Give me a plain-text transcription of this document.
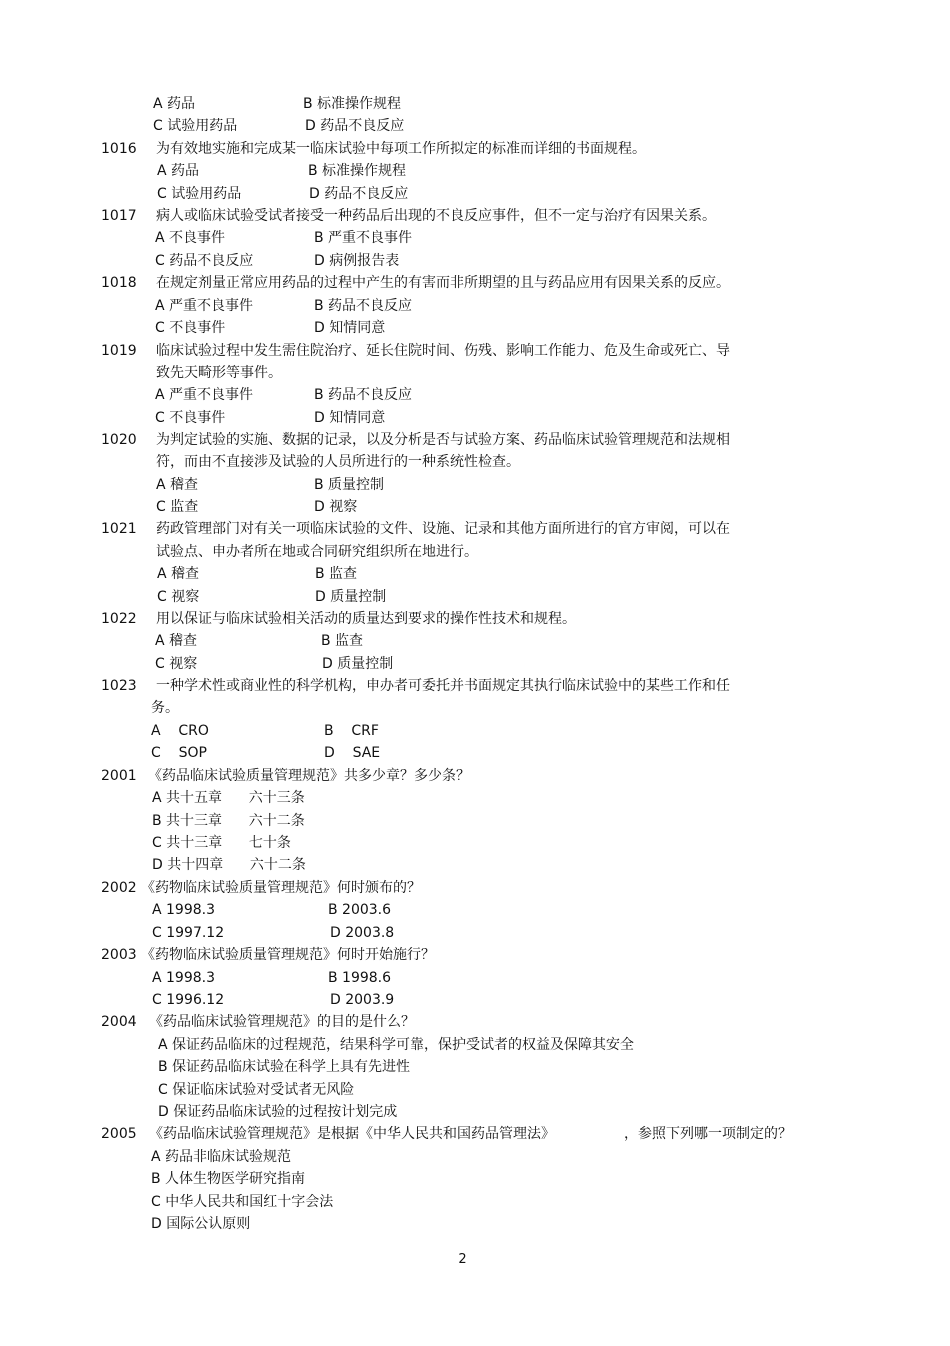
A 药品	B 标准操作规程
C 试验用药品	D 药品不良反应
1016 为有效地实施和完成某一临床试验中每项工作所拟定的标准而详细的书面规程。
A 药品	B 标准操作规程
C 试验用药品	D 药品不良反应
1017 病人或临床试验受试者接受一种药品后出现的不良反应事件，但不一定与治疗有因果关系。
A 不良事件	B 严重不良事件
C 药品不良反应	D 病例报告表
1018 在规定剂量正常应用药品的过程中产生的有害而非所期望的且与药品应用有因果关系的反应。
A 严重不良事件	B 药品不良反应
C 不良事件	D 知情同意
1019 临床试验过程中发生需住院治疗、延长住院时间、伤残、影响工作能力、危及生命或死亡、导
致先天畸形等事件。
A 严重不良事件	B 药品不良反应
C 不良事件	D 知情同意
1020 为判定试验的实施、数据的记录，以及分析是否与试验方案、药品临床试验管理规范和法规相
符，而由不直接涉及试验的人员所进行的一种系统性检查。
A 稽查	B 质量控制
C 监查	D 视察
1021 药政管理部门对有关一项临床试验的文件、设施、记录和其他方面所进行的官方审阅，可以在
试验点、申办者所在地或合同研究组织所在地进行。
A 稽查	B 监查
C 视察	D 质量控制
1022 用以保证与临床试验相关活动的质量达到要求的操作性技术和规程。
A 稽查	B 监查
C 视察	D 质量控制
1023 一种学术性或商业性的科学机构，申办者可委托并书面规定其执行临床试验中的某些工作和任
务。
A    CRO	B    CRF
C    SOP	D    SAE
2001 《药品临床试验质量管理规范》共多少章？多少条？
A 共十五章      六十三条
B 共十三章      六十二条
C 共十三章      七十条
D 共十四章      六十二条
2002 《药物临床试验质量管理规范》何时颁布的？
A 1998.3	B 2003.6
C 1997.12	D 2003.8
2003 《药物临床试验质量管理规范》何时开始施行？
A 1998.3	B 1998.6
C 1996.12	D 2003.9
2004 《药品临床试验管理规范》的目的是什么？
A 保证药品临床的过程规范，结果科学可靠，保护受试者的权益及保障其安全
B 保证药品临床试验在科学上具有先进性
C 保证临床试验对受试者无风险
D 保证药品临床试验的过程按计划完成
2005 《药品临床试验管理规范》是根据《中华人民共和国药品管理法》	，参照下列哪一项制定的？
A 药品非临床试验规范
B 人体生物医学研究指南
C 中华人民共和国红十字会法
D 国际公认原则
2
